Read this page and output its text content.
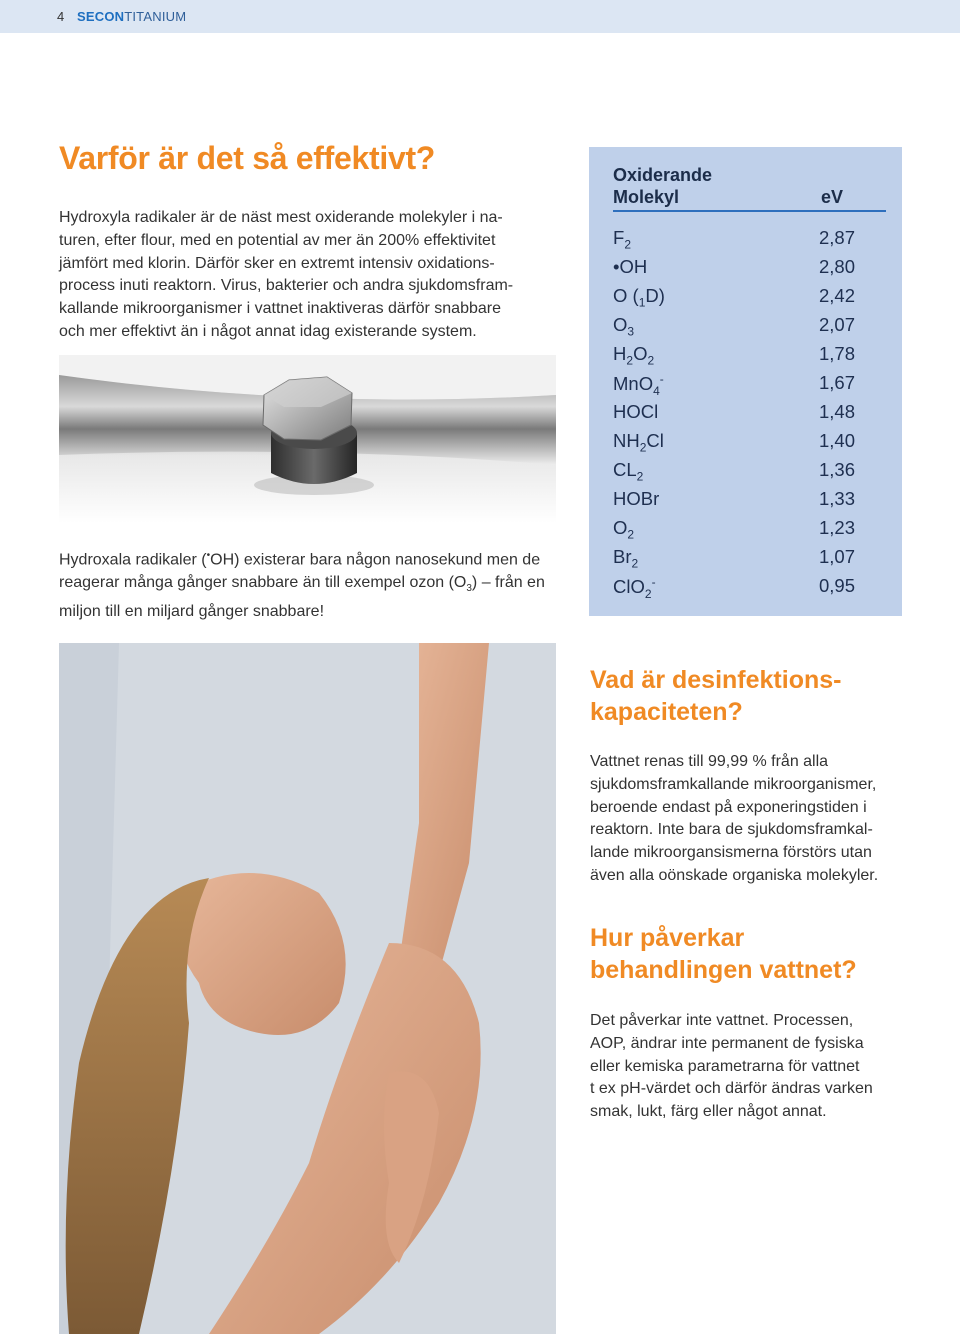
4 SECONTITANIUM
Varför är det så effektivt?
Hydroxyla radikaler är de näst mest oxiderande molekyler i na-
turen, efter flour, med en potential av mer än 200% effektivitet
jämfört med klorin. Därför sker en extremt intensiv oxidations-
process inuti reaktorn. Virus, bakterier och andra sjukdomsfram-
kallande mikroorganismer i vattnet inaktiveras därför snabbare
och mer effektivt än i något annat idag existerande system.
Hydroxala radikaler (•OH) existerar bara någon nanosekund men de reagerar många gånger snabbare än till exempel ozon $(O_3)$ – från en miljon till en miljard gånger snabbare!
Oxiderande
Molekyl	eV
$F_2$	2,87
•OH	2,80
O $(_1D)$	2,42
$O_3$	2,07
$H_2O_2$	1,78
MnO$_4$-	1,67
HOCl	1,48
$NH_2Cl$	1,40
$CL_2$	1,36
HOBr	1,33
$O_2$	1,23
$Br_2$	1,07
ClO$_2$-	0,95
Vad är desinfektions-
kapaciteten?
Vattnet renas till 99,99 % från alla
sjukdomsframkallande mikroorganismer,
beroende endast på exponeringstiden i
reaktorn. Inte bara de sjukdomsframkal-
lande mikroorgansismerna förstörs utan
även alla oönskade organiska molekyler.
Hur påverkar
behandlingen vattnet?
Det påverkar inte vattnet. Processen,
AOP, ändrar inte permanent de fysiska
eller kemiska parametrarna för vattnet
t ex pH-värdet och därför ändras varken
smak, lukt, färg eller något annat.
